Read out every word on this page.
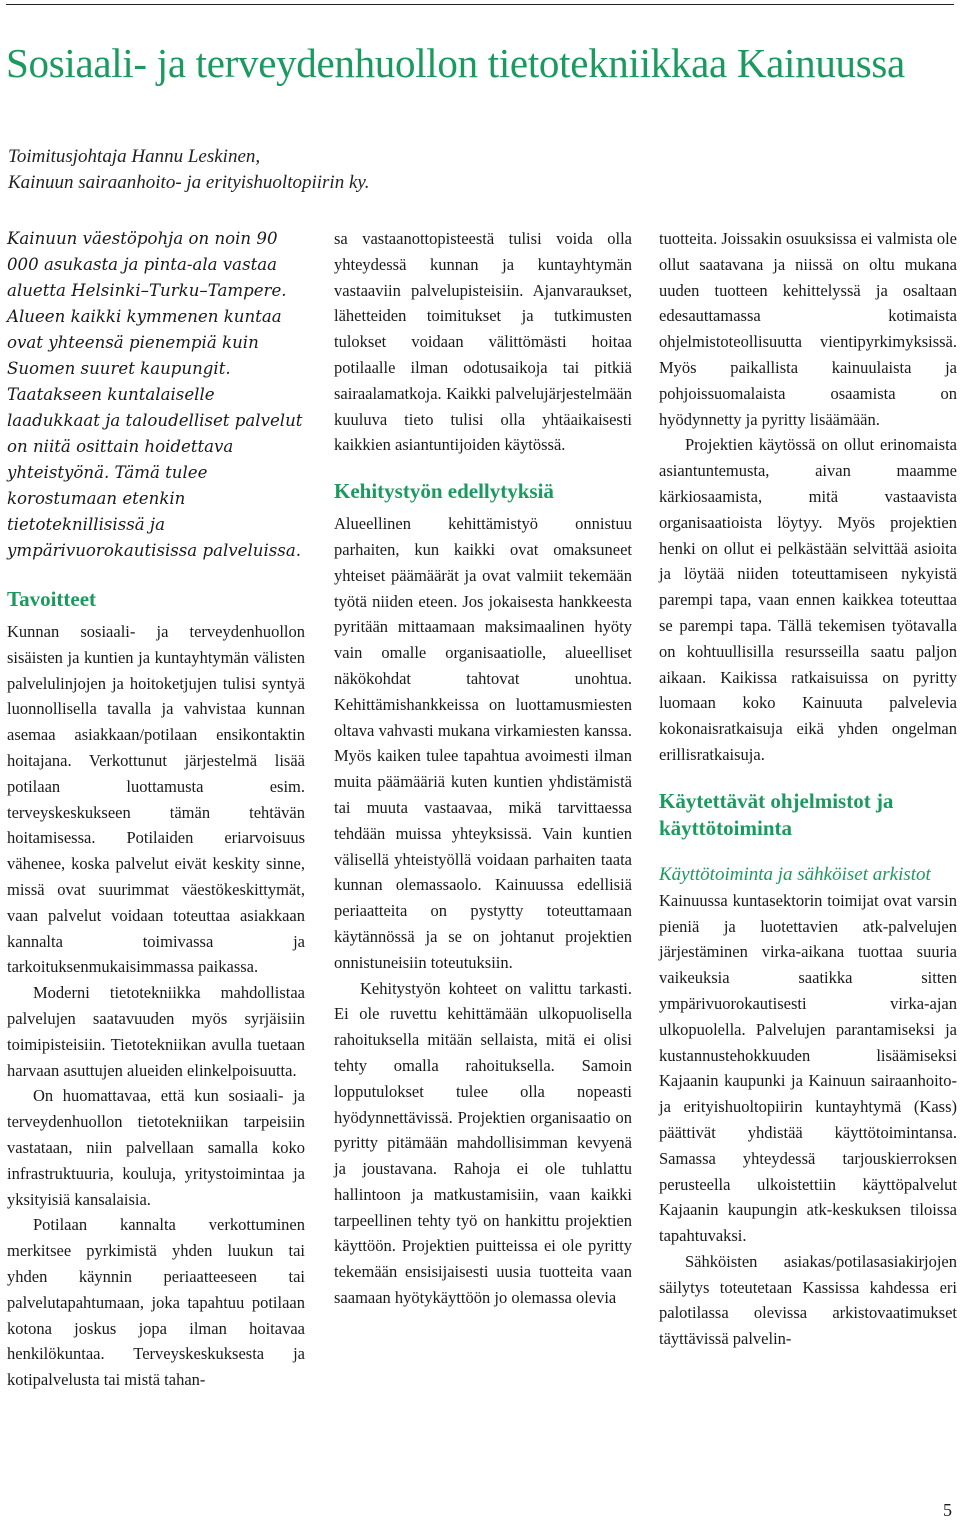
Sosiaali- ja terveydenhuollon tietotekniikkaa Kainuussa
Toimitusjohtaja Hannu Leskinen,
Kainuun sairaanhoito- ja erityishuoltopiirin ky.

Kainuun väestöpohja on noin 90 000 asukasta ja pinta-ala vastaa aluetta Helsinki–Turku–Tampere. Alueen kaikki kymmenen kuntaa ovat yhteensä pienempiä kuin Suomen suuret kaupungit. Taatakseen kuntalaiselle laadukkaat ja taloudelliset palvelut on niitä osittain hoidettava yhteistyönä. Tämä tulee korostumaan etenkin tietoteknillisissä ja ympärivuorokautisissa palveluissa.

Tavoitteet

Kunnan sosiaali- ja terveydenhuollon sisäisten ja kuntien ja kuntayhtymän välisten palvelulinjojen ja hoitoketjujen tulisi syntyä luonnollisella tavalla ja vahvistaa kunnan asemaa asiakkaan/potilaan ensikontaktin hoitajana. Verkottunut järjestelmä lisää potilaan luottamusta esim. terveyskeskukseen tämän tehtävän hoitamisessa. Potilaiden eriarvoisuus vähenee, koska palvelut eivät keskity sinne, missä ovat suurimmat väestökeskittymät, vaan palvelut voidaan toteuttaa asiakkaan kannalta toimivassa ja tarkoituksenmukaisimmassa paikassa.

Moderni tietotekniikka mahdollistaa palvelujen saatavuuden myös syrjäisiin toimipisteisiin. Tietotekniikan avulla tuetaan harvaan asuttujen alueiden elinkelpoisuutta.

On huomattavaa, että kun sosiaali- ja terveydenhuollon tietotekniikan tarpeisiin vastataan, niin palvellaan samalla koko infrastruktuuria, kouluja, yritystoimintaa ja yksityisiä kansalaisia.

Potilaan kannalta verkottuminen merkitsee pyrkimistä yhden luukun tai yhden käynnin periaatteeseen tai palvelutapahtumaan, joka tapahtuu potilaan kotona joskus jopa ilman hoitavaa henkilökuntaa. Terveyskeskuksesta ja kotipalvelusta tai mistä tahan-

sa vastaanottopisteestä tulisi voida olla yhteydessä kunnan ja kuntayhtymän vastaaviin palvelupisteisiin. Ajanvaraukset, lähetteiden toimitukset ja tutkimusten tulokset voidaan välittömästi hoitaa potilaalle ilman odotusaikoja tai pitkiä sairaalamatkoja. Kaikki palvelujärjestelmään kuuluva tieto tulisi olla yhtäaikaisesti kaikkien asiantuntijoiden käytössä.

Kehitystyön edellytyksiä

Alueellinen kehittämistyö onnistuu parhaiten, kun kaikki ovat omaksuneet yhteiset päämäärät ja ovat valmiit tekemään työtä niiden eteen. Jos jokaisesta hankkeesta pyritään mittaamaan maksimaalinen hyöty vain omalle organisaatiolle, alueelliset näkökohdat tahtovat unohtua. Kehittämishankkeissa on luottamusmiesten oltava vahvasti mukana virkamiesten kanssa. Myös kaiken tulee tapahtua avoimesti ilman muita päämääriä kuten kuntien yhdistämistä tai muuta vastaavaa, mikä tarvittaessa tehdään muissa yhteyksissä. Vain kuntien välisellä yhteistyöllä voidaan parhaiten taata kunnan olemassaolo. Kainuussa edellisiä periaatteita on pystytty toteuttamaan käytännössä ja se on johtanut projektien onnistuneisiin toteutuksiin.

Kehitystyön kohteet on valittu tarkasti. Ei ole ruvettu kehittämään ulkopuolisella rahoituksella mitään sellaista, mitä ei olisi tehty omalla rahoituksella. Samoin lopputulokset tulee olla nopeasti hyödynnettävissä. Projektien organisaatio on pyritty pitämään mahdollisimman kevyenä ja joustavana. Rahoja ei ole tuhlattu hallintoon ja matkustamisiin, vaan kaikki tarpeellinen tehty työ on hankittu projektien käyttöön. Projektien puitteissa ei ole pyritty tekemään ensisijaisesti uusia tuotteita vaan saamaan hyötykäyttöön jo olemassa olevia

tuotteita. Joissakin osuuksissa ei valmista ole ollut saatavana ja niissä on oltu mukana uuden tuotteen kehittelyssä ja osaltaan edesauttamassa kotimaista ohjelmistoteollisuutta vientipyrkimyksissä. Myös paikallista kainuulaista ja pohjoissuomalaista osaamista on hyödynnetty ja pyritty lisäämään.

Projektien käytössä on ollut erinomaista asiantuntemusta, aivan maamme kärkiosaamista, mitä vastaavista organisaatioista löytyy. Myös projektien henki on ollut ei pelkästään selvittää asioita ja löytää niiden toteuttamiseen nykyistä parempi tapa, vaan ennen kaikkea toteuttaa se parempi tapa. Tällä tekemisen työtavalla on kohtuullisilla resursseilla saatu paljon aikaan. Kaikissa ratkaisuissa on pyritty luomaan koko Kainuuta palvelevia kokonaisratkaisuja eikä yhden ongelman erillisratkaisuja.

Käytettävät ohjelmistot ja käyttötoiminta
Käyttötoiminta ja sähköiset arkistot

Kainuussa kuntasektorin toimijat ovat varsin pieniä ja luotettavien atk-palvelujen järjestäminen virka-aikana tuottaa suuria vaikeuksia saatikka sitten ympärivuorokautisesti virka-ajan ulkopuolella. Palvelujen parantamiseksi ja kustannustehokkuuden lisäämiseksi Kajaanin kaupunki ja Kainuun sairaanhoito- ja erityishuoltopiirin kuntayhtymä (Kass) päättivät yhdistää käyttötoimintansa. Samassa yhteydessä tarjouskierroksen perusteella ulkoistettiin käyttöpalvelut Kajaanin kaupungin atk-keskuksen tiloissa tapahtuvaksi.

Sähköisten asiakas/potilasasiakirjojen säilytys toteutetaan Kassissa kahdessa eri palotilassa olevissa arkistovaatimukset täyttävissä palvelin-

5
